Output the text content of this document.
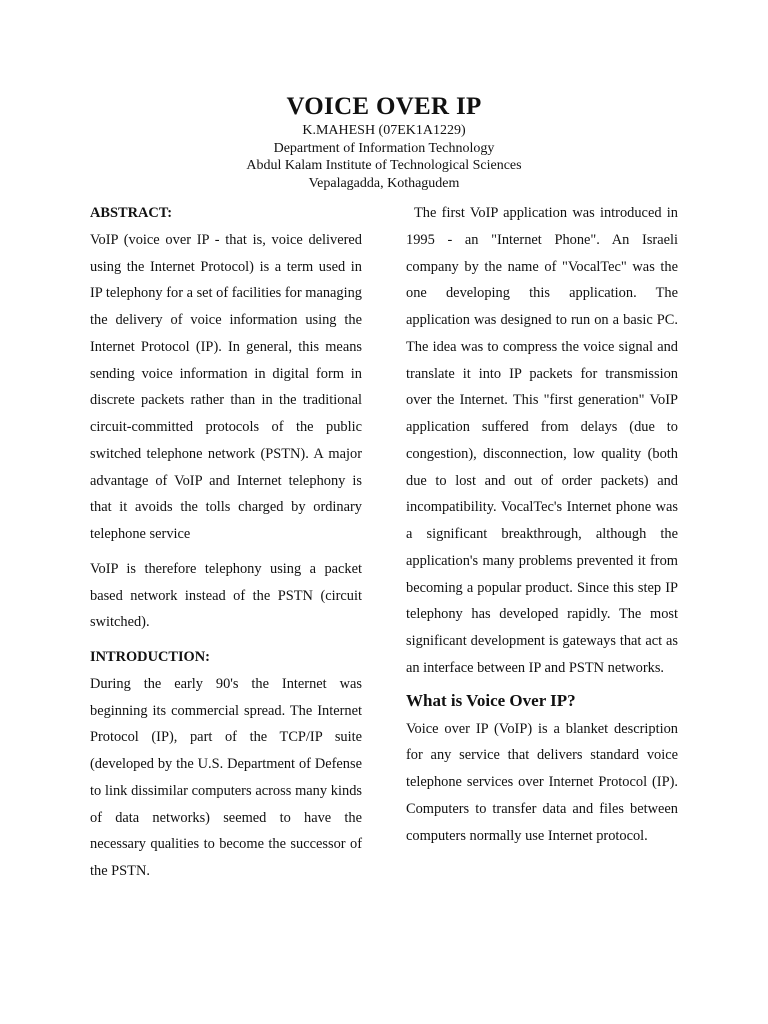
VOICE OVER IP

K.MAHESH (07EK1A1229)

Department of Information Technology

Abdul Kalam Institute of Technological Sciences

Vepalagadda, Kothagudem

ABSTRACT:

VoIP (voice over IP - that is, voice delivered using the Internet Protocol) is a term used in IP telephony for a set of facilities for managing the delivery of voice information using the Internet Protocol (IP). In general, this means sending voice information in digital form in discrete packets rather than in the traditional circuit-committed protocols of the public switched telephone network (PSTN). A major advantage of VoIP and Internet telephony is that it avoids the tolls charged by ordinary telephone service

VoIP is therefore telephony using a packet based network instead of the PSTN (circuit switched).

INTRODUCTION:

During the early 90's the Internet was beginning its commercial spread. The Internet Protocol (IP), part of the TCP/IP suite (developed by the U.S. Department of Defense to link dissimilar computers across many kinds of data networks) seemed to have the necessary qualities to become the successor of the PSTN.

The first VoIP application was introduced in 1995 - an "Internet Phone". An Israeli company by the name of "VocalTec" was the one developing this application. The application was designed to run on a basic PC. The idea was to compress the voice signal and translate it into IP packets for transmission over the Internet. This "first generation" VoIP application suffered from delays (due to congestion), disconnection, low quality (both due to lost and out of order packets) and incompatibility. VocalTec's Internet phone was a significant breakthrough, although the application's many problems prevented it from becoming a popular product. Since this step IP telephony has developed rapidly. The most significant development is gateways that act as an interface between IP and PSTN networks.

What is Voice Over IP?

Voice over IP (VoIP) is a blanket description for any service that delivers standard voice telephone services over Internet Protocol (IP). Computers to transfer data and files between computers normally use Internet protocol.
